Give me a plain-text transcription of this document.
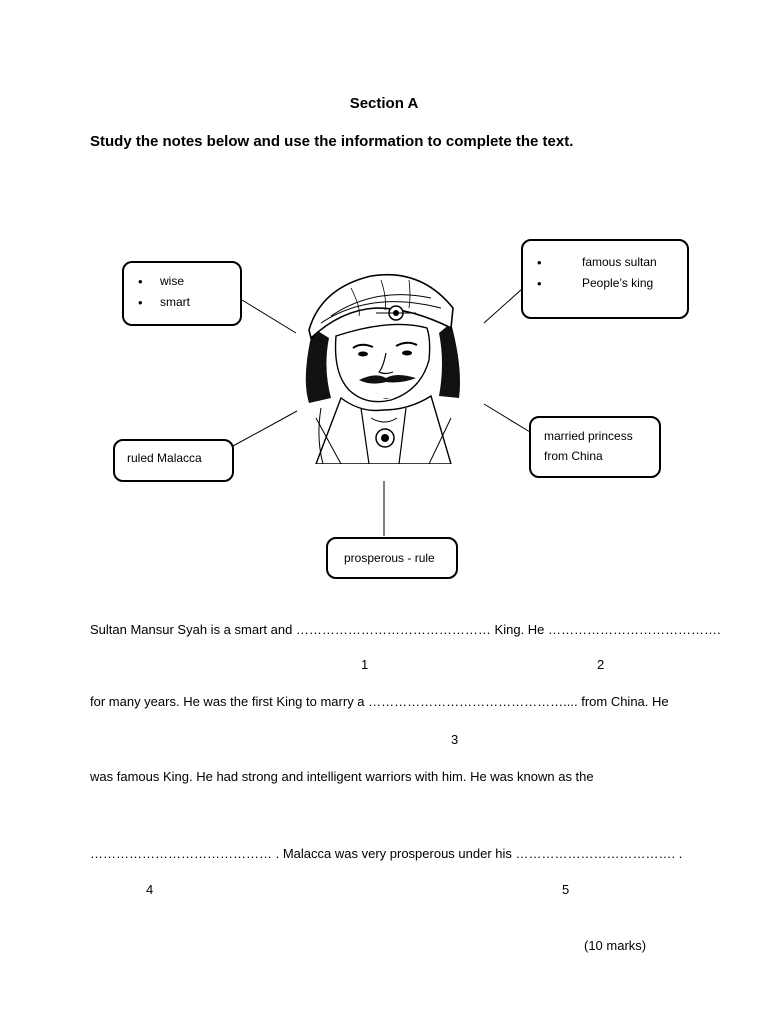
Section A
Study the notes below and use the information to complete the text.
• wise
• smart
• famous sultan
• People’s king
ruled Malacca
married princess
from China
prosperous - rule
Sultan Mansur Syah is a smart and ……………………………………… King. He ………………………………….
1	2
for many years. He was the first King to marry a ……………………………………….... from China. He
3
was famous King. He had strong and intelligent warriors with him. He was known as the
…………………………………… . Malacca was very prosperous under his ………………………………. .
4	5
(10 marks)
